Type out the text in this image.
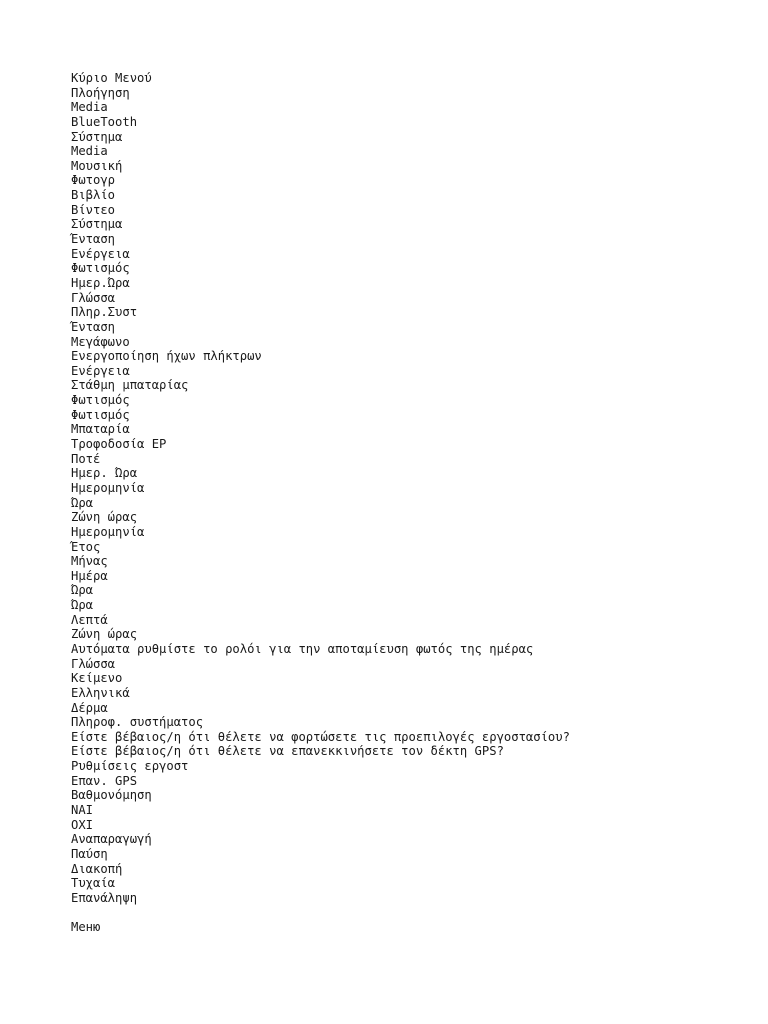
Κύριο Μενού
Πλοήγηση
Media
BlueTooth
Σύστημα
Media
Μουσική
Φωτογρ
Βιβλίο
Βίντεο
Σύστημα
Ένταση
Ενέργεια
Φωτισμός
Ημερ.Ώρα
Γλώσσα
Πληρ.Συστ
Ένταση
Μεγάφωνο
Ενεργοποίηση ήχων πλήκτρων
Ενέργεια
Στάθμη μπαταρίας
Φωτισμός
Φωτισμός
Μπαταρία
Τροφοδοσία ΕΡ
Ποτέ
Ημερ. Ώρα
Ημερομηνία
Ώρα
Ζώνη ώρας
Ημερομηνία
Έτος
Μήνας
Ημέρα
Ώρα
Ώρα
Λεπτά
Ζώνη ώρας
Αυτόματα ρυθμίστε το ρολόι για την αποταμίευση φωτός της ημέρας
Γλώσσα
Κείμενο
Ελληνικά
Δέρμα
Πληροφ. συστήματος
Είστε βέβαιος/η ότι θέλετε να φορτώσετε τις προεπιλογές εργοστασίου?
Είστε βέβαιος/η ότι θέλετε να επανεκκινήσετε τον δέκτη GPS?
Ρυθμίσεις εργοστ
Επαν. GPS
Βαθμονόμηση
ΝΑΙ
ΟΧΙ
Αναπαραγωγή
Παύση
Διακοπή
Τυχαία
Επανάληψη
Меню
